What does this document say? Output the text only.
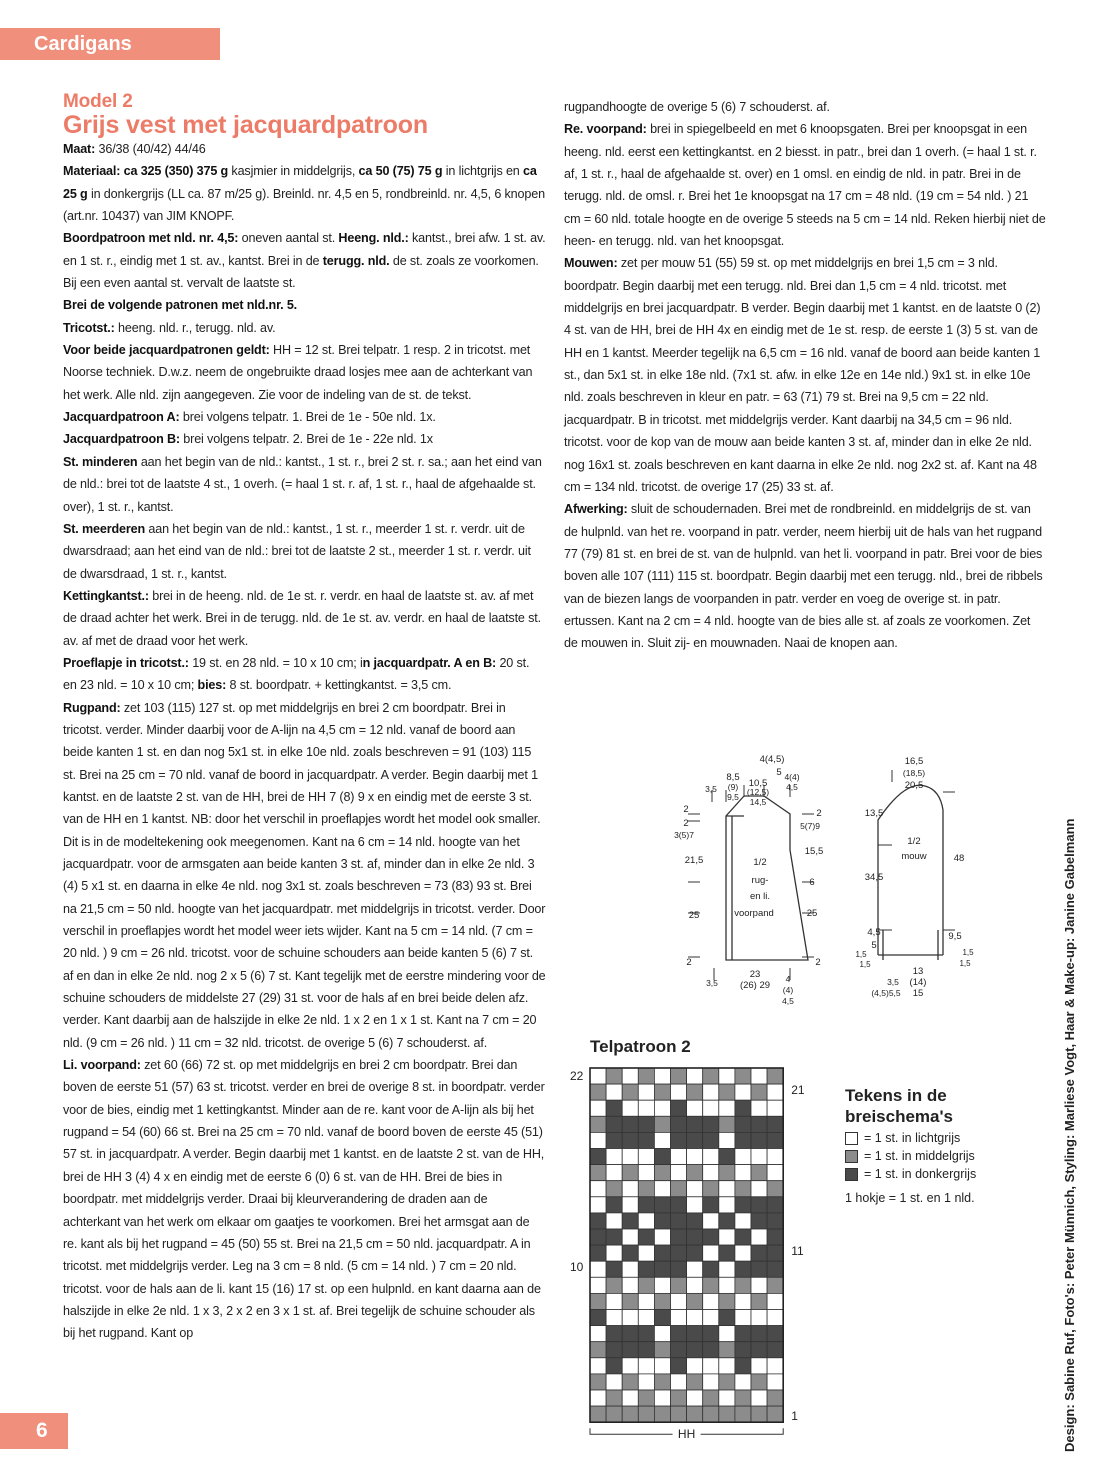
Cardigans

Model 2

Grijs vest met jacquardpatroon

Maat: 36/38 (40/42) 44/46

Materiaal: ca 325 (350) 375 g kasjmier in middelgrijs, ca 50 (75) 75 g in lichtgrijs en ca 25 g in donkergrijs (LL ca. 87 m/25 g). Breinld. nr. 4,5 en 5, rondbreinld. nr. 4,5, 6 knopen (art.nr. 10437) van JIM KNOPF.

Boordpatroon met nld. nr. 4,5: oneven aantal st. Heeng. nld.: kantst., brei afw. 1 st. av. en 1 st. r., eindig met 1 st. av., kantst. Brei in de terugg. nld. de st. zoals ze voorkomen. Bij een even aantal st. vervalt de laatste st.

Brei de volgende patronen met nld.nr. 5.

Tricotst.: heeng. nld. r., terugg. nld. av.

Voor beide jacquardpatronen geldt: HH = 12 st. Brei telpatr. 1 resp. 2 in tricotst. met Noorse techniek. D.w.z. neem de ongebruikte draad losjes mee aan de achterkant van het werk. Alle nld. zijn aangegeven. Zie voor de indeling van de st. de tekst.

Jacquardpatroon A: brei volgens telpatr. 1. Brei de 1e - 50e nld. 1x.

Jacquardpatroon B: brei volgens telpatr. 2. Brei de 1e - 22e nld. 1x

St. minderen aan het begin van de nld.: kantst., 1 st. r., brei 2 st. r. sa.; aan het eind van de nld.: brei tot de laatste 4 st., 1 overh. (= haal 1 st. r. af, 1 st. r., haal de afgehaalde st. over), 1 st. r., kantst.

St. meerderen aan het begin van de nld.: kantst., 1 st. r., meerder 1 st. r. verdr. uit de dwarsdraad; aan het eind van de nld.: brei tot de laatste 2 st., meerder 1 st. r. verdr. uit de dwarsdraad, 1 st. r., kantst.

Kettingkantst.: brei in de heeng. nld. de 1e st. r. verdr. en haal de laatste st. av. af met de draad achter het werk. Brei in de terugg. nld. de 1e st. av. verdr. en haal de laatste st. av. af met de draad voor het werk.

Proeflapje in tricotst.: 19 st. en 28 nld. = 10 x 10 cm; in jacquardpatr. A en B: 20 st. en 23 nld. = 10 x 10 cm; bies: 8 st. boordpatr. + kettingkantst. = 3,5 cm.

Rugpand: zet 103 (115) 127 st. op met middelgrijs en brei 2 cm boordpatr. Brei in tricotst. verder. Minder daarbij voor de A-lijn na 4,5 cm = 12 nld. vanaf de boord aan beide kanten 1 st. en dan nog 5x1 st. in elke 10e nld. zoals beschreven = 91 (103) 115 st. Brei na 25 cm = 70 nld. vanaf de boord in jacquardpatr. A verder. Begin daarbij met 1 kantst. en de laatste 2 st. van de HH, brei de HH 7 (8) 9 x en eindig met de eerste 3 st. van de HH en 1 kantst. NB: door het verschil in proeflapjes wordt het model ook smaller. Dit is in de modeltekening ook meegenomen. Kant na 6 cm = 14 nld. hoogte van het jacquardpatr. voor de armsgaten aan beide kanten 3 st. af, minder dan in elke 2e nld. 3 (4) 5 x1 st. en daarna in elke 4e nld. nog 3x1 st. zoals beschreven = 73 (83) 93 st. Brei na 21,5 cm = 50 nld. hoogte van het jacquardpatr. met middelgrijs in tricotst. verder. Door verschil in proeflapjes wordt het model weer iets wijder. Kant na 5 cm = 14 nld. (7 cm = 20 nld. ) 9 cm = 26 nld. tricotst. voor de schuine schouders aan beide kanten 5 (6) 7 st. af en dan in elke 2e nld. nog 2 x 5 (6) 7 st. Kant tegelijk met de eerstre mindering voor de schuine schouders de middelste 27 (29) 31 st. voor de hals af en brei beide delen afz. verder. Kant daarbij aan de halszijde in elke 2e nld. 1 x 2 en 1 x 1 st. Kant na 7 cm = 20 nld. (9 cm = 26 nld. ) 11 cm = 32 nld. tricotst. de overige 5 (6) 7 schouderst. af.

Li. voorpand: zet 60 (66) 72 st. op met middelgrijs en brei 2 cm boordpatr. Brei dan boven de eerste 51 (57) 63 st. tricotst. verder en brei de overige 8 st. in boordpatr. verder voor de bies, eindig met 1 kettingkantst. Minder aan de re. kant voor de A-lijn als bij het rugpand = 54 (60) 66 st. Brei na 25 cm = 70 nld. vanaf de boord boven de eerste 45 (51) 57 st. in jacquardpatr. A verder. Begin daarbij met 1 kantst. en de laatste 2 st. van de HH, brei de HH 3 (4) 4 x en eindig met de eerste 6 (0) 6 st. van de HH. Brei de bies in boordpatr. met middelgrijs verder. Draai bij kleurverandering de draden aan de achterkant van het werk om elkaar om gaatjes te voorkomen. Brei het armsgat aan de re. kant als bij het rugpand = 45 (50) 55 st. Brei na 21,5 cm = 50 nld. jacquardpatr. A in tricotst. met middelgrijs verder. Leg na 3 cm = 8 nld. (5 cm = 14 nld. ) 7 cm = 20 nld. tricotst. voor de hals aan de li. kant 15 (16) 17 st. op een hulpnld. en kant daarna aan de halszijde in elke 2e nld. 1 x 3, 2 x 2 en 3 x 1 st. af. Brei tegelijk de schuine schouder als bij het rugpand. Kant op

rugpandhoogte de overige 5 (6) 7 schouderst. af.

Re. voorpand: brei in spiegelbeeld en met 6 knoopsgaten. Brei per knoopsgat in een heeng. nld. eerst een kettingkantst. en 2 biesst. in patr., brei dan 1 overh. (= haal 1 st. r. af, 1 st. r., haal de afgehaalde st. over) en 1 omsl. en eindig de nld. in patr. Brei in de terugg. nld. de omsl. r. Brei het 1e knoopsgat na 17 cm = 48 nld. (19 cm = 54 nld. ) 21 cm = 60 nld. totale hoogte en de overige 5 steeds na 5 cm = 14 nld. Reken hierbij niet de heen- en terugg. nld. van het knoopsgat.

Mouwen: zet per mouw 51 (55) 59 st. op met middelgrijs en brei 1,5 cm = 3 nld. boordpatr. Begin daarbij met een terugg. nld. Brei dan 1,5 cm = 4 nld. tricotst. met middelgrijs en brei jacquardpatr. B verder. Begin daarbij met 1 kantst. en de laatste 0 (2) 4 st. van de HH, brei de HH 4x en eindig met de 1e st. resp. de eerste 1 (3) 5 st. van de HH en 1 kantst. Meerder tegelijk na 6,5 cm = 16 nld. vanaf de boord aan beide kanten 1 st., dan 5x1 st. in elke 18e nld. (7x1 st. afw. in elke 12e en 14e nld.) 9x1 st. in elke 10e nld. zoals beschreven in kleur en patr. = 63 (71) 79 st. Brei na 9,5 cm = 22 nld. jacquardpatr. B in tricotst. met middelgrijs verder. Kant daarbij na 34,5 cm = 96 nld. tricotst. voor de kop van de mouw aan beide kanten 3 st. af, minder dan in elke 2e nld. nog 16x1 st. zoals beschreven en kant daarna in elke 2e nld. nog 2x2 st. af. Kant na 48 cm = 134 nld. tricotst. de overige 17 (25) 33 st. af.

Afwerking: sluit de schoudernaden. Brei met de rondbreinld. en middelgrijs de st. van de hulpnld. van het re. voorpand in patr. verder, neem hierbij uit de hals van het rugpand 77 (79) 81 st. en brei de st. van de hulpnld. van het li. voorpand in patr. Brei voor de bies boven alle 107 (111) 115 st. boordpatr. Begin daarbij met een terugg. nld., brei de ribbels van de biezen langs de voorpanden in patr. verder en voeg de overige st. in patr. ertussen. Kant na 2 cm = 4 nld. hoogte van de bies alle st. af zoals ze voorkomen. Zet de mouwen in. Sluit zij- en mouwnaden. Naai de knopen aan.

4(4,5)
5
8,5
10,5
(9) (12,5)
9,5 14,5
3,5
4(4)
4,5
2
2
3(5)7
21,5
25
2
2
5(7)9
15,5
6
25
2
3,5
23
(26) 29
4
(4)
4,5
1/2
rug-
en li.
voorpand
16,5
(18,5)
20,5
1/2
mouw
13,5
34,5
48
4,5
5
1,5
1,5
9,5
1,5
1,5
13
3,5 (14)
15
(4,5)5,5
Telpatroon 2
22
10
21
11
1
HH
Tekens in de breischema's
= 1 st. in lichtgrijs
= 1 st. in middelgrijs
= 1 st. in donkergrijs
1 hokje = 1 st. en 1 nld.	Design: Sabine Ruf, Foto's: Peter Münnich, Styling: Marliese Vogt, Haar & Make-up: Janine Gabelmann
6
